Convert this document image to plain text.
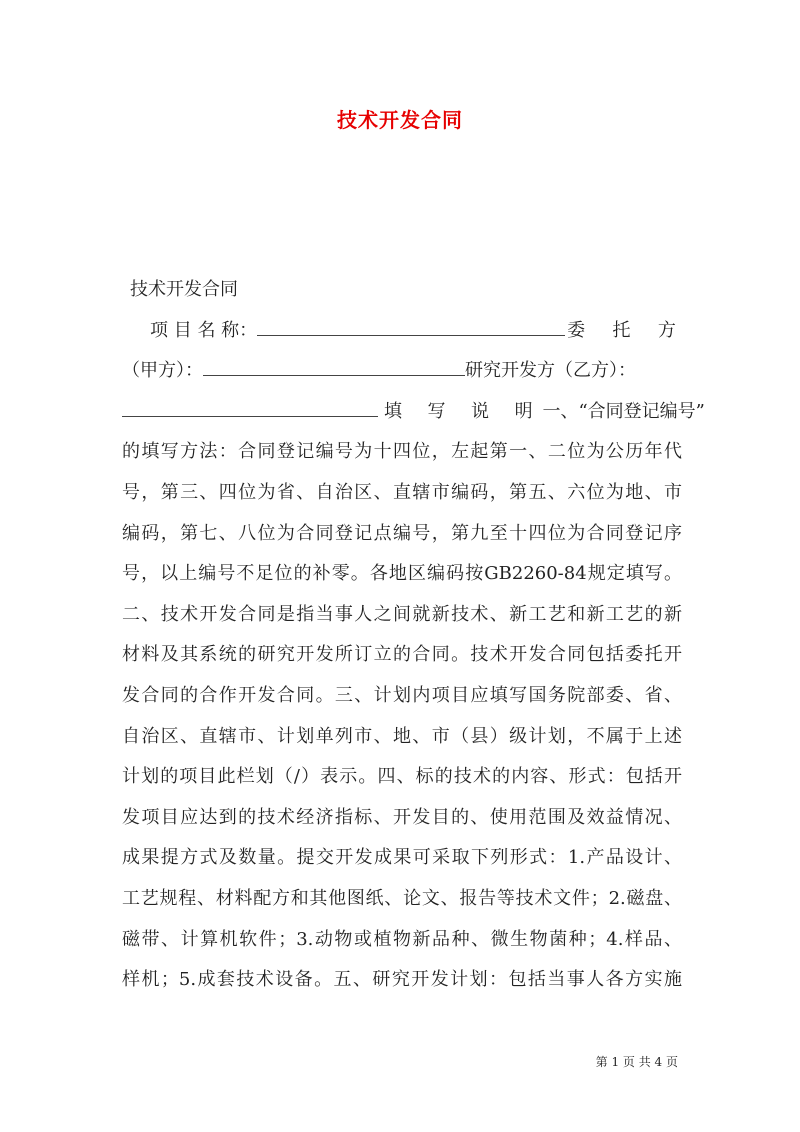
技术开发合同
技术开发合同
项 目 名 称：	委 托 方
（甲方）：	研究开发方（乙方）：
填 写 说 明一、“合同登记编号”
的填写方法：合同登记编号为十四位，左起第一、二位为公历年代
号，第三、四位为省、自治区、直辖市编码，第五、六位为地、市
编码，第七、八位为合同登记点编号，第九至十四位为合同登记序
号，以上编号不足位的补零。各地区编码按GB2260-84规定填写。
二、技术开发合同是指当事人之间就新技术、新工艺和新工艺的新
材料及其系统的研究开发所订立的合同。技术开发合同包括委托开
发合同的合作开发合同。三、计划内项目应填写国务院部委、省、
自治区、直辖市、计划单列市、地、市（县）级计划，不属于上述
计划的项目此栏划（/）表示。四、标的技术的内容、形式：包括开
发项目应达到的技术经济指标、开发目的、使用范围及效益情况、
成果提方式及数量。提交开发成果可采取下列形式：1.产品设计、
工艺规程、材料配方和其他图纸、论文、报告等技术文件；2.磁盘、
磁带、计算机软件；3.动物或植物新品种、微生物菌种；4.样品、
样机；5.成套技术设备。五、研究开发计划：包括当事人各方实施
第 1 页 共 4 页
